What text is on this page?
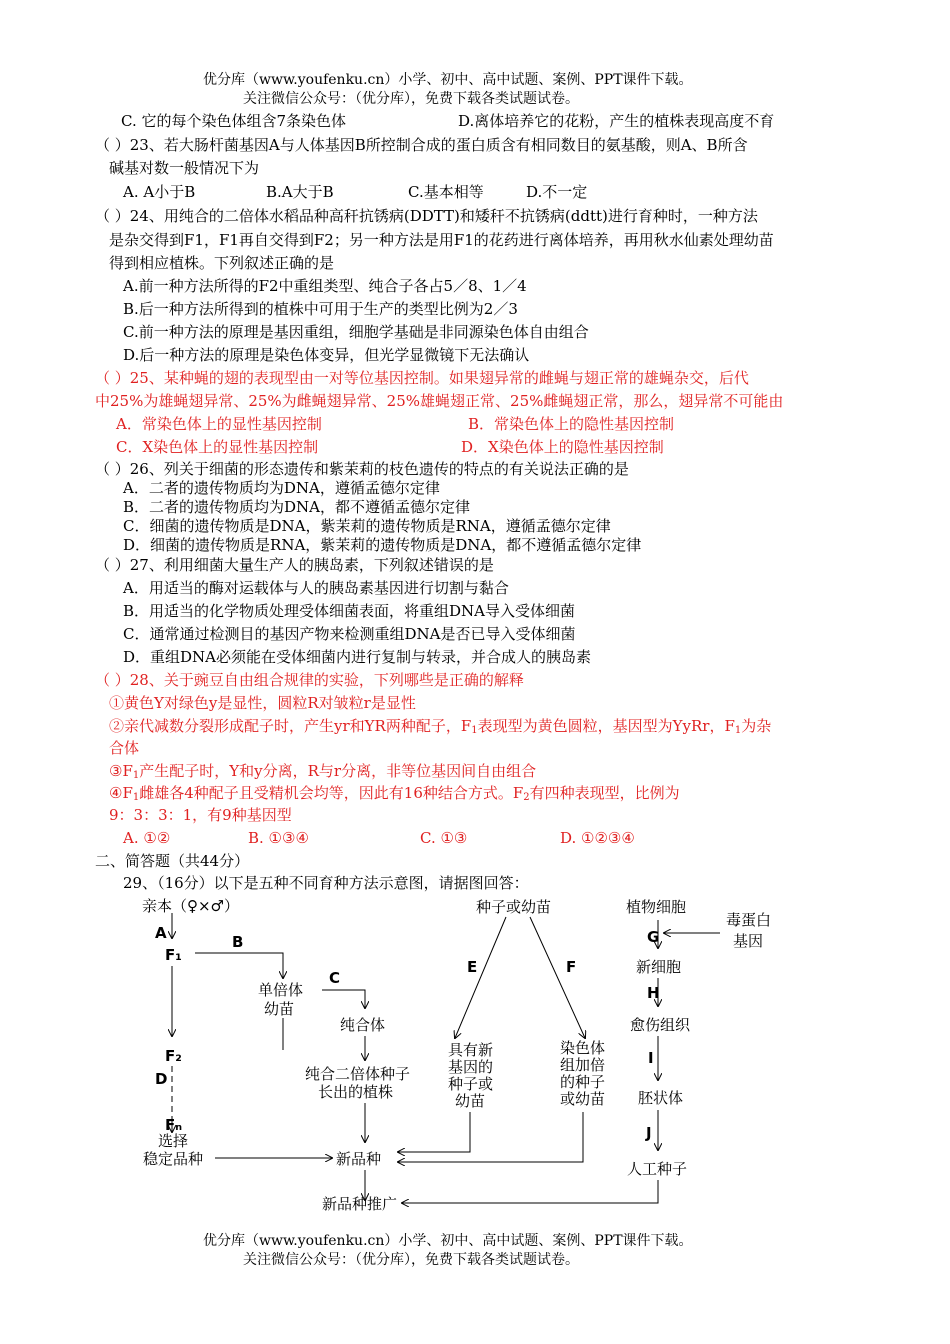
优分库（www.youfenku.cn）小学、初中、高中试题、案例、PPT课件下载。
关注微信公众号：（优分库），免费下载各类试题试卷。
C. 它的每个染色体组含7条染色体	D.离体培养它的花粉，产生的植株表现高度不育
（ ）23、若大肠杆菌基因A与人体基因B所控制合成的蛋白质含有相同数目的氨基酸，则A、B所含
碱基对数一般情况下为
A. A小于B	B.A大于B	C.基本相等	D.不一定
（ ）24、用纯合的二倍体水稻品种高秆抗锈病(DDTT)和矮秆不抗锈病(ddtt)进行育种时，一种方法
是杂交得到F1，F1再自交得到F2；另一种方法是用F1的花药进行离体培养，再用秋水仙素处理幼苗
得到相应植株。下列叙述正确的是
A.前一种方法所得的F2中重组类型、纯合子各占5／8、1／4
B.后一种方法所得到的植株中可用于生产的类型比例为2／3
C.前一种方法的原理是基因重组，细胞学基础是非同源染色体自由组合
D.后一种方法的原理是染色体变异，但光学显微镜下无法确认
（ ）25、某种蝇的翅的表现型由一对等位基因控制。如果翅异常的雌蝇与翅正常的雄蝇杂交，后代
中25%为雄蝇翅异常、25%为雌蝇翅异常、25%雄蝇翅正常、25%雌蝇翅正常，那么，翅异常不可能由
A．常染色体上的显性基因控制	B．常染色体上的隐性基因控制
C．X染色体上的显性基因控制	D．X染色体上的隐性基因控制
（ ）26、列关于细菌的形态遗传和紫茉莉的枝色遗传的特点的有关说法正确的是
A．二者的遗传物质均为DNA，遵循孟德尔定律
B．二者的遗传物质均为DNA，都不遵循孟德尔定律
C．细菌的遗传物质是DNA，紫茉莉的遗传物质是RNA，遵循孟德尔定律
D．细菌的遗传物质是RNA，紫茉莉的遗传物质是DNA，都不遵循孟德尔定律
（ ）27、利用细菌大量生产人的胰岛素，下列叙述错误的是
A．用适当的酶对运载体与人的胰岛素基因进行切割与黏合
B．用适当的化学物质处理受体细菌表面，将重组DNA导入受体细菌
C．通常通过检测目的基因产物来检测重组DNA是否已导入受体细菌
D．重组DNA必须能在受体细菌内进行复制与转录，并合成人的胰岛素
（ ）28、关于豌豆自由组合规律的实验，下列哪些是正确的解释
①黄色Y对绿色y是显性，圆粒R对皱粒r是显性
②亲代减数分裂形成配子时，产生yr和YR两种配子，$F_1$表现型为黄色圆粒，基因型为YyRr，$F_1$为杂
合体
$③F_1$产生配子时，Y和y分离，R与r分离，非等位基因间自由组合
$④F_1$雌雄各4种配子且受精机会均等，因此有16种结合方式。$F_2$有四种表现型，比例为
9：3：3：1，有9种基因型
A. ①②	B. ①③④	C. ①③	D. ①②③④
二、简答题（共44分）
29、（16分）以下是五种不同育种方法示意图，请据图回答：
亲本（♀×♂）
A
F₁
B
单倍体
幼苗
C
纯合体
F₂
D	纯合二倍体种子
长出的植株
Fₙ
选择
稳定品种	新品种
新品种推广
种子或幼苗
E	F
具有新
基因的
种子或
幼苗
染色体
组加倍
的种子
或幼苗
植物细胞
G
毒蛋白
基因
新细胞
H
愈伤组织
I
胚状体
J
人工种子
优分库（www.youfenku.cn）小学、初中、高中试题、案例、PPT课件下载。
关注微信公众号：（优分库），免费下载各类试题试卷。
